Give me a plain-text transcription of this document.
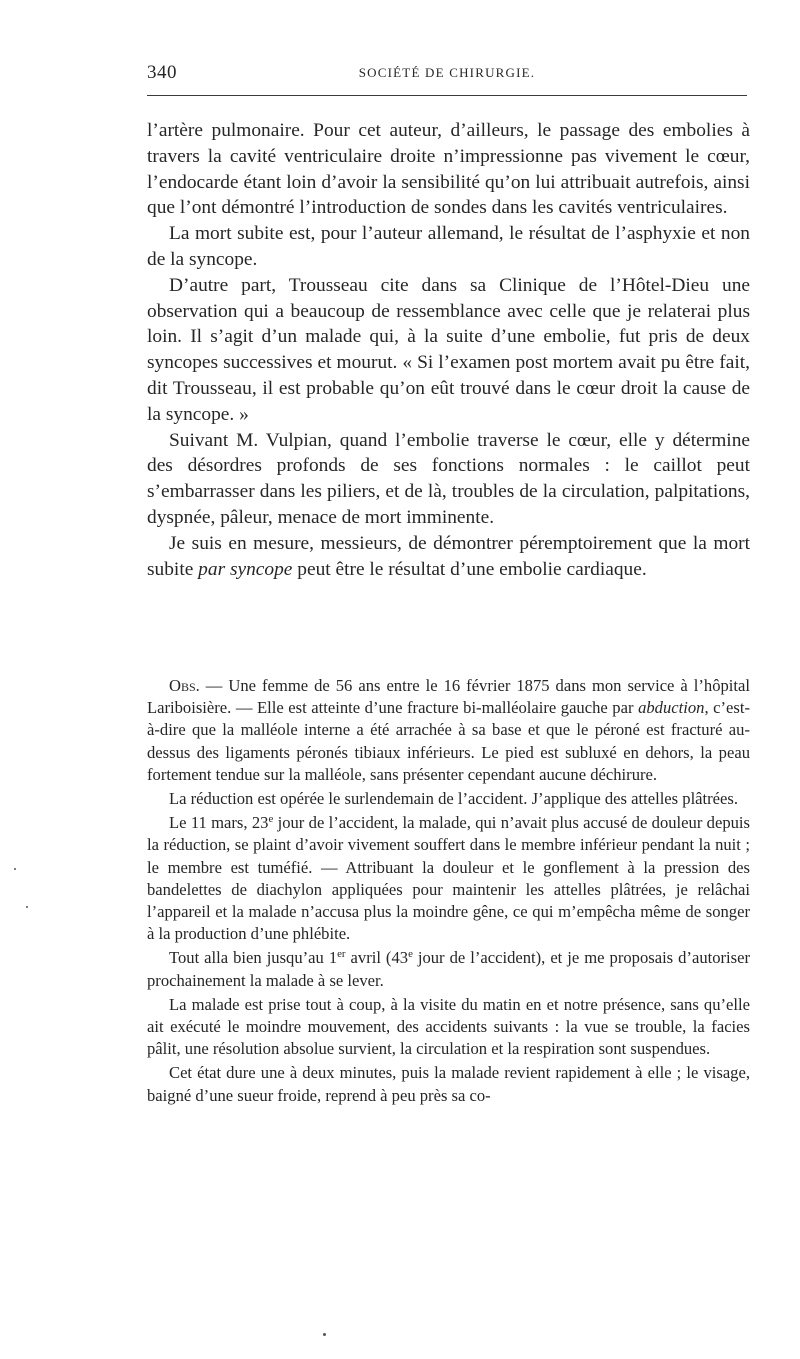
340	SOCIÉTÉ DE CHIRURGIE.

l’artère pulmonaire. Pour cet auteur, d’ailleurs, le passage des embolies à travers la cavité ventriculaire droite n’impressionne pas vivement le cœur, l’endocarde étant loin d’avoir la sensibilité qu’on lui attribuait autrefois, ainsi que l’ont démontré l’introduction de sondes dans les cavités ventriculaires.

La mort subite est, pour l’auteur allemand, le résultat de l’asphyxie et non de la syncope.

D’autre part, Trousseau cite dans sa Clinique de l’Hôtel-Dieu une observation qui a beaucoup de ressemblance avec celle que je relaterai plus loin. Il s’agit d’un malade qui, à la suite d’une embolie, fut pris de deux syncopes successives et mourut. « Si l’examen post mortem avait pu être fait, dit Trousseau, il est probable qu’on eût trouvé dans le cœur droit la cause de la syncope. »

Suivant M. Vulpian, quand l’embolie traverse le cœur, elle y détermine des désordres profonds de ses fonctions normales : le caillot peut s’embarrasser dans les piliers, et de là, troubles de la circulation, palpitations, dyspnée, pâleur, menace de mort imminente.

Je suis en mesure, messieurs, de démontrer péremptoirement que la mort subite par syncope peut être le résultat d’une embolie cardiaque.

Obs. — Une femme de 56 ans entre le 16 février 1875 dans mon service à l’hôpital Lariboisière. — Elle est atteinte d’une fracture bi-malléolaire gauche par abduction, c’est-à-dire que la malléole interne a été arrachée à sa base et que le péroné est fracturé au-dessus des ligaments péronés tibiaux inférieurs. Le pied est subluxé en dehors, la peau fortement tendue sur la malléole, sans présenter cependant aucune déchirure.

La réduction est opérée le surlendemain de l’accident. J’applique des attelles plâtrées.

Le 11 mars, 23e jour de l’accident, la malade, qui n’avait plus accusé de douleur depuis la réduction, se plaint d’avoir vivement souffert dans le membre inférieur pendant la nuit ; le membre est tuméfié. — Attribuant la douleur et le gonflement à la pression des bandelettes de diachylon appliquées pour maintenir les attelles plâtrées, je relâchai l’appareil et la malade n’accusa plus la moindre gêne, ce qui m’empêcha même de songer à la production d’une phlébite.

Tout alla bien jusqu’au 1er avril (43e jour de l’accident), et je me proposais d’autoriser prochainement la malade à se lever.

La malade est prise tout à coup, à la visite du matin en et notre présence, sans qu’elle ait exécuté le moindre mouvement, des accidents suivants : la vue se trouble, la facies pâlit, une résolution absolue survient, la circulation et la respiration sont suspendues.

Cet état dure une à deux minutes, puis la malade revient rapidement à elle ; le visage, baigné d’une sueur froide, reprend à peu près sa co-
